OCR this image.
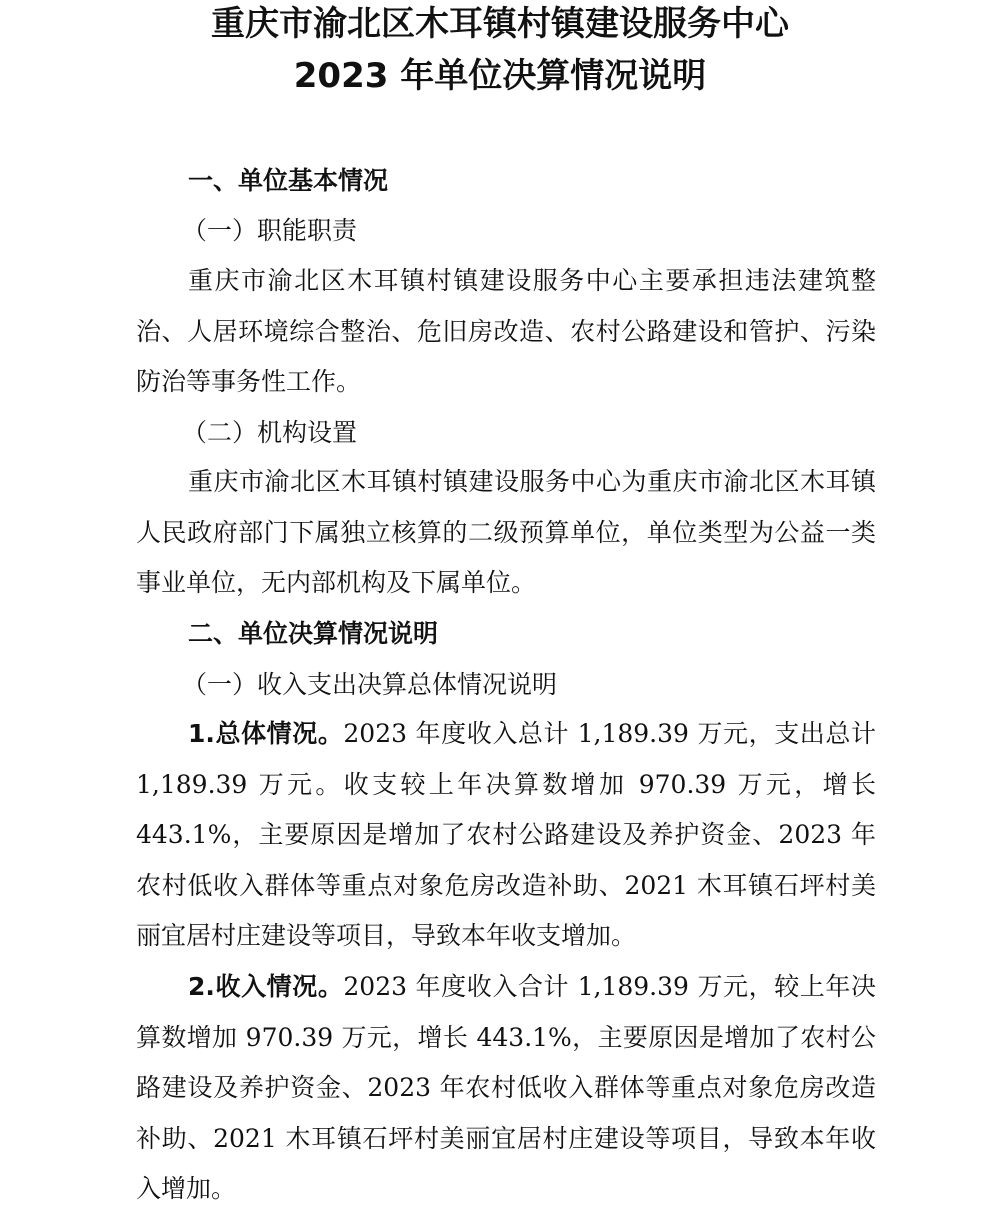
重庆市渝北区木耳镇村镇建设服务中心
2023 年单位决算情况说明

一、单位基本情况

（一）职能职责

重庆市渝北区木耳镇村镇建设服务中心主要承担违法建筑整治、人居环境综合整治、危旧房改造、农村公路建设和管护、污染防治等事务性工作。

（二）机构设置

重庆市渝北区木耳镇村镇建设服务中心为重庆市渝北区木耳镇人民政府部门下属独立核算的二级预算单位，单位类型为公益一类事业单位，无内部机构及下属单位。

二、单位决算情况说明

（一）收入支出决算总体情况说明

1.总体情况。2023 年度收入总计 1,189.39 万元，支出总计 1,189.39 万元。收支较上年决算数增加 970.39 万元，增长 443.1%，主要原因是增加了农村公路建设及养护资金、2023 年农村低收入群体等重点对象危房改造补助、2021 木耳镇石坪村美丽宜居村庄建设等项目，导致本年收支增加。

2.收入情况。2023 年度收入合计 1,189.39 万元，较上年决算数增加 970.39 万元，增长 443.1%，主要原因是增加了农村公路建设及养护资金、2023 年农村低收入群体等重点对象危房改造补助、2021 木耳镇石坪村美丽宜居村庄建设等项目，导致本年收入增加。
